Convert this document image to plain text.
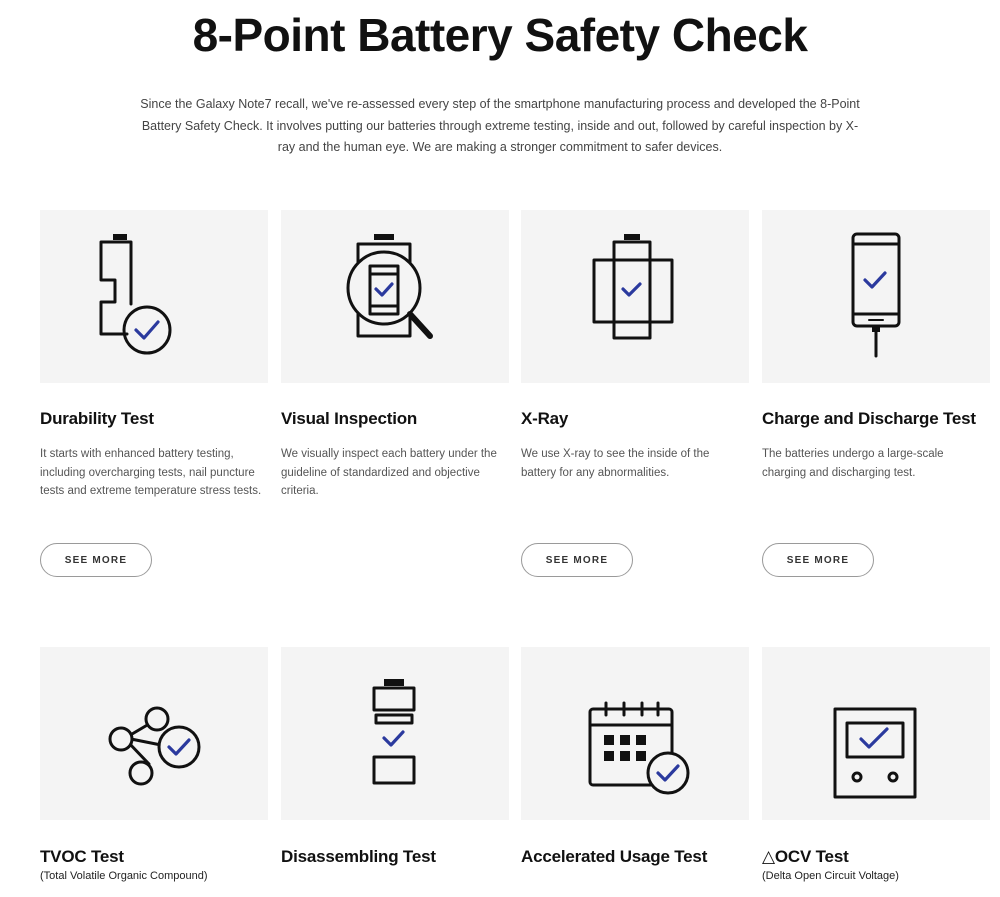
8-Point Battery Safety Check
Since the Galaxy Note7 recall, we've re-assessed every step of the smartphone manufacturing process and developed the 8-Point Battery Safety Check. It involves putting our batteries through extreme testing, inside and out, followed by careful inspection by X-ray and the human eye. We are making a stronger commitment to safer devices.
Durability Test
It starts with enhanced battery testing, including overcharging tests, nail puncture tests and extreme temperature stress tests.
SEE MORE
Visual Inspection
We visually inspect each battery under the guideline of standardized and objective criteria.
X-Ray
We use X-ray to see the inside of the battery for any abnormalities.
SEE MORE
Charge and Discharge Test
The batteries undergo a large-scale charging and discharging test.
SEE MORE
TVOC Test
(Total Volatile Organic Compound)
Disassembling Test	Accelerated Usage Test	△OCV Test
(Delta Open Circuit Voltage)
